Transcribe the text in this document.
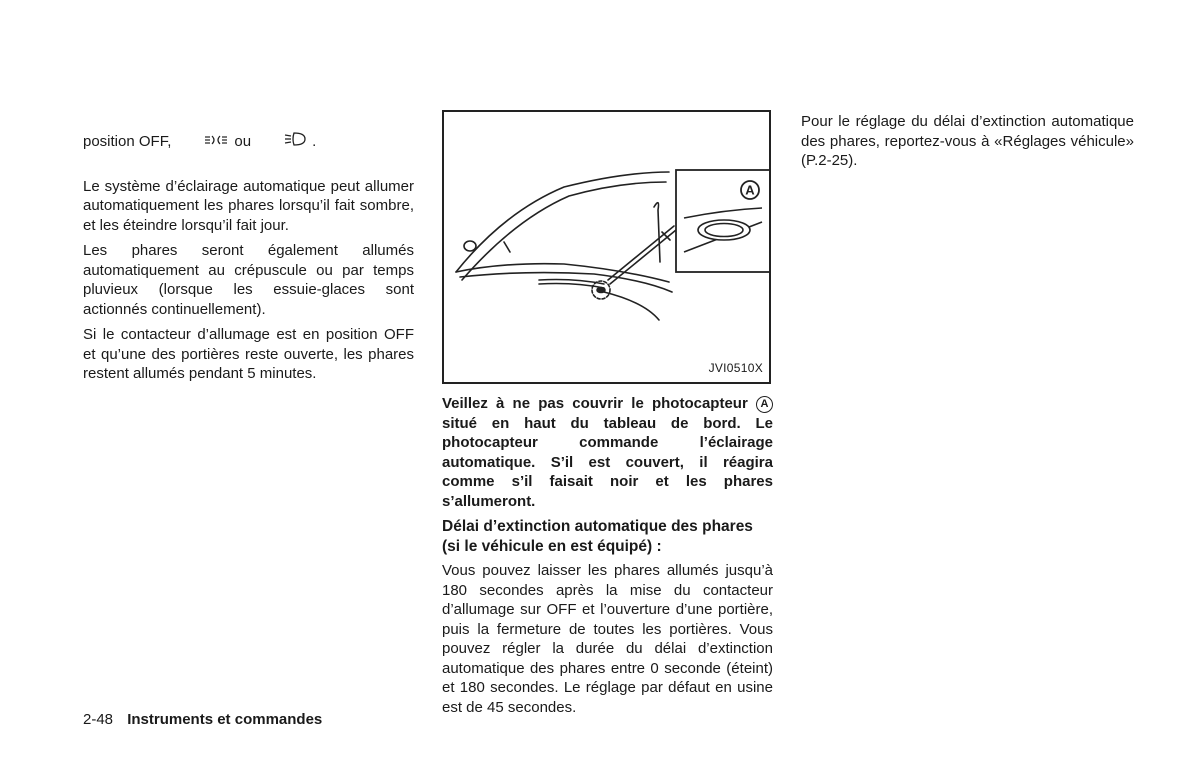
position OFF,

	ou

	.

Le système d’éclairage automatique peut allumer automatiquement les phares lorsqu’il fait sombre, et les éteindre lorsqu’il fait jour.

Les phares seront également allumés automatiquement au crépuscule ou par temps pluvieux (lorsque les essuie-glaces sont actionnés continuellement).

Si le contacteur d’allumage est en position OFF et qu’une des portières reste ouverte, les phares restent allumés pendant 5 minutes.

A
JVI0510X
Veillez à ne pas couvrir le photocapteur A situé en haut du tableau de bord. Le photocapteur commande l’éclairage automatique. S’il est couvert, il réagira comme s’il faisait noir et les phares s’allumeront.
Délai d’extinction automatique des phares (si le véhicule en est équipé) :

Vous pouvez laisser les phares allumés jusqu’à 180 secondes après la mise du contacteur d’allumage sur OFF et l’ouverture d’une portière, puis la fermeture de toutes les portières. Vous pouvez régler la durée du délai d’extinction automatique des phares entre 0 seconde (éteint) et 180 secondes. Le réglage par défaut en usine est de 45 secondes.

Pour le réglage du délai d’extinction automatique des phares, reportez-vous à «Réglages véhicule» (P.2-25).

2-48 Instruments et commandes
